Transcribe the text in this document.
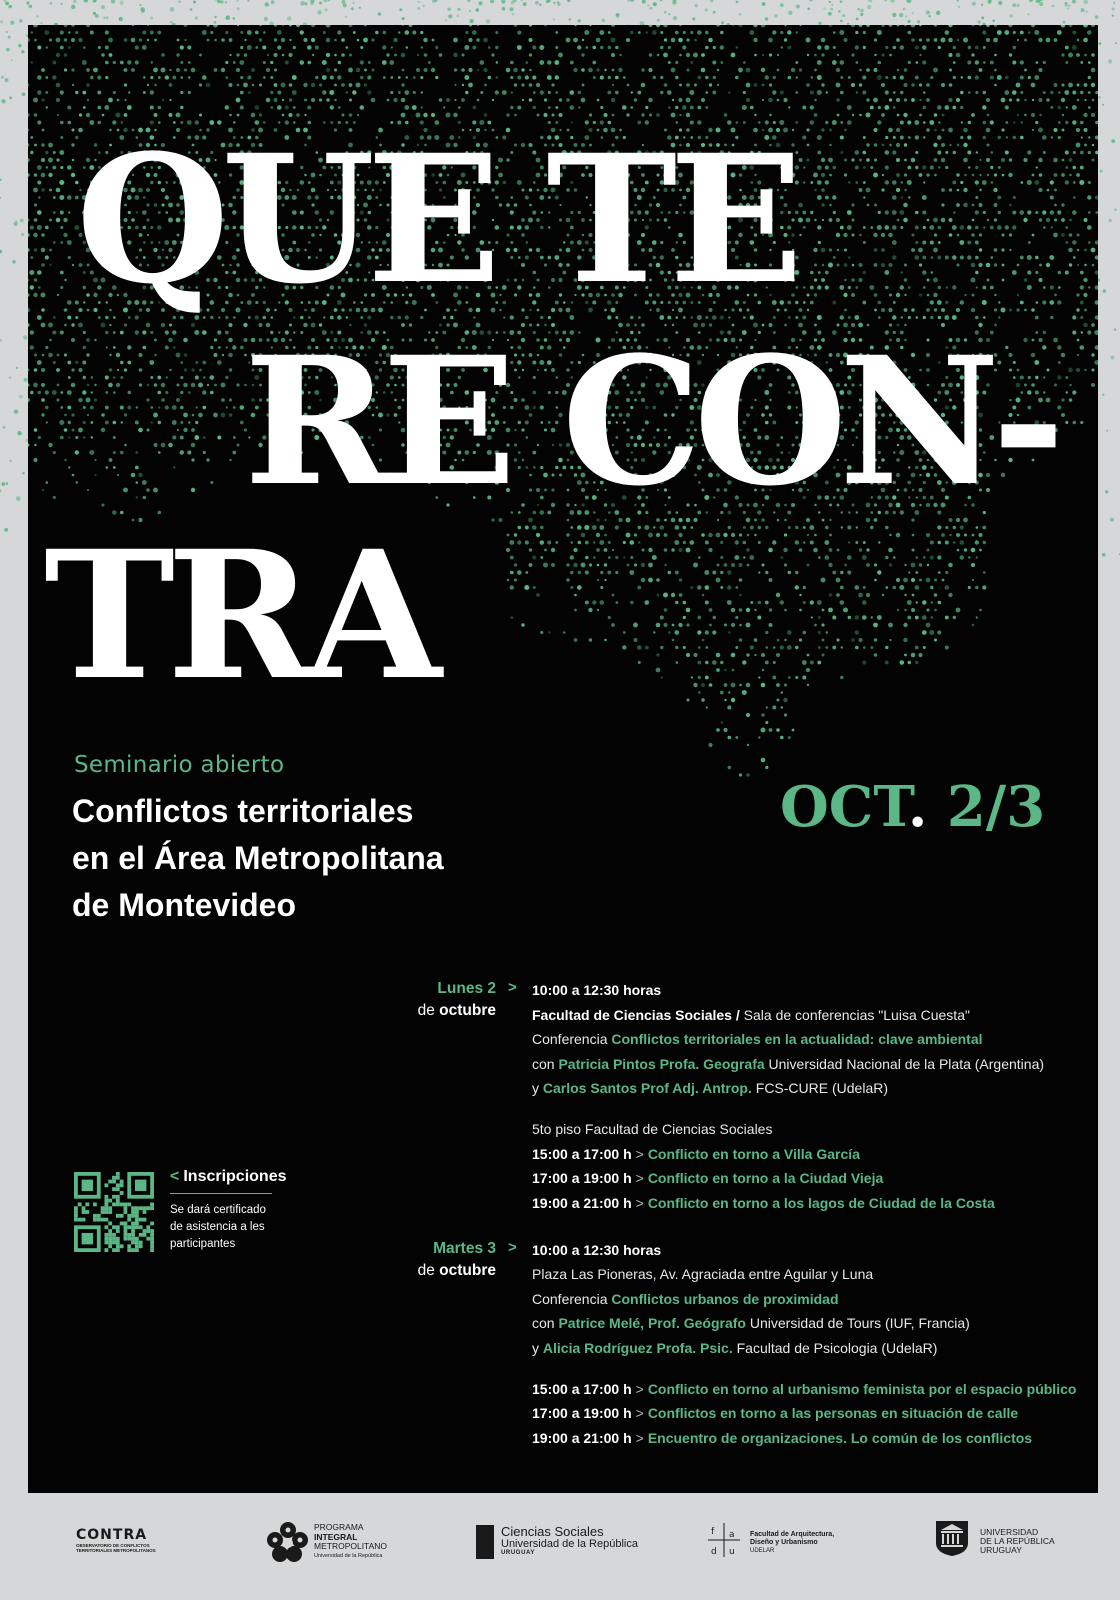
QUE TE
RE CON-
TRA
Seminario abierto
Conflictos territoriales
en el Área Metropolitana
de Montevideo
OCT. 2/3
Lunes 2
de octubre
> 10:00 a 12:30 horas
Facultad de Ciencias Sociales / Sala de conferencias "Luisa Cuesta"
Conferencia Conflictos territoriales en la actualidad: clave ambiental
con Patricia Pintos Profa. Geografa Universidad Nacional de la Plata (Argentina)
y Carlos Santos Prof Adj. Antrop. FCS-CURE (UdelaR)
5to piso Facultad de Ciencias Sociales
15:00 a 17:00 h > Conflicto en torno a Villa García
17:00 a 19:00 h > Conflicto en torno a la Ciudad Vieja
19:00 a 21:00 h > Conflicto en torno a los lagos de Ciudad de la Costa
Martes 3
de octubre
> 10:00 a 12:30 horas
Plaza Las Pioneras, Av. Agraciada entre Aguilar y Luna
Conferencia Conflictos urbanos de proximidad
con Patrice Melé, Prof. Geógrafo Universidad de Tours (IUF, Francia)
y Alicia Rodríguez Profa. Psic. Facultad de Psicologia (UdelaR)
15:00 a 17:00 h > Conflicto en torno al urbanismo feminista por el espacio público
17:00 a 19:00 h > Conflictos en torno a las personas en situación de calle
19:00 a 21:00 h > Encuentro de organizaciones. Lo común de los conflictos
< Inscripciones
Se dará certificado de asistencia a les participantes
CONTRA
OBSERVATORIO DE CONFLICTOS
TERRITORIALES METROPOLITANOS
PROGRAMA
INTEGRAL
METROPOLITANO
Universidad de la República
Ciencias Sociales
Universidad de la República
URUGUAY
f a
d u
Facultad de Arquitectura,
Diseño y Urbanismo
UDELAR
UNIVERSIDAD
DE LA REPÚBLICA
URUGUAY
